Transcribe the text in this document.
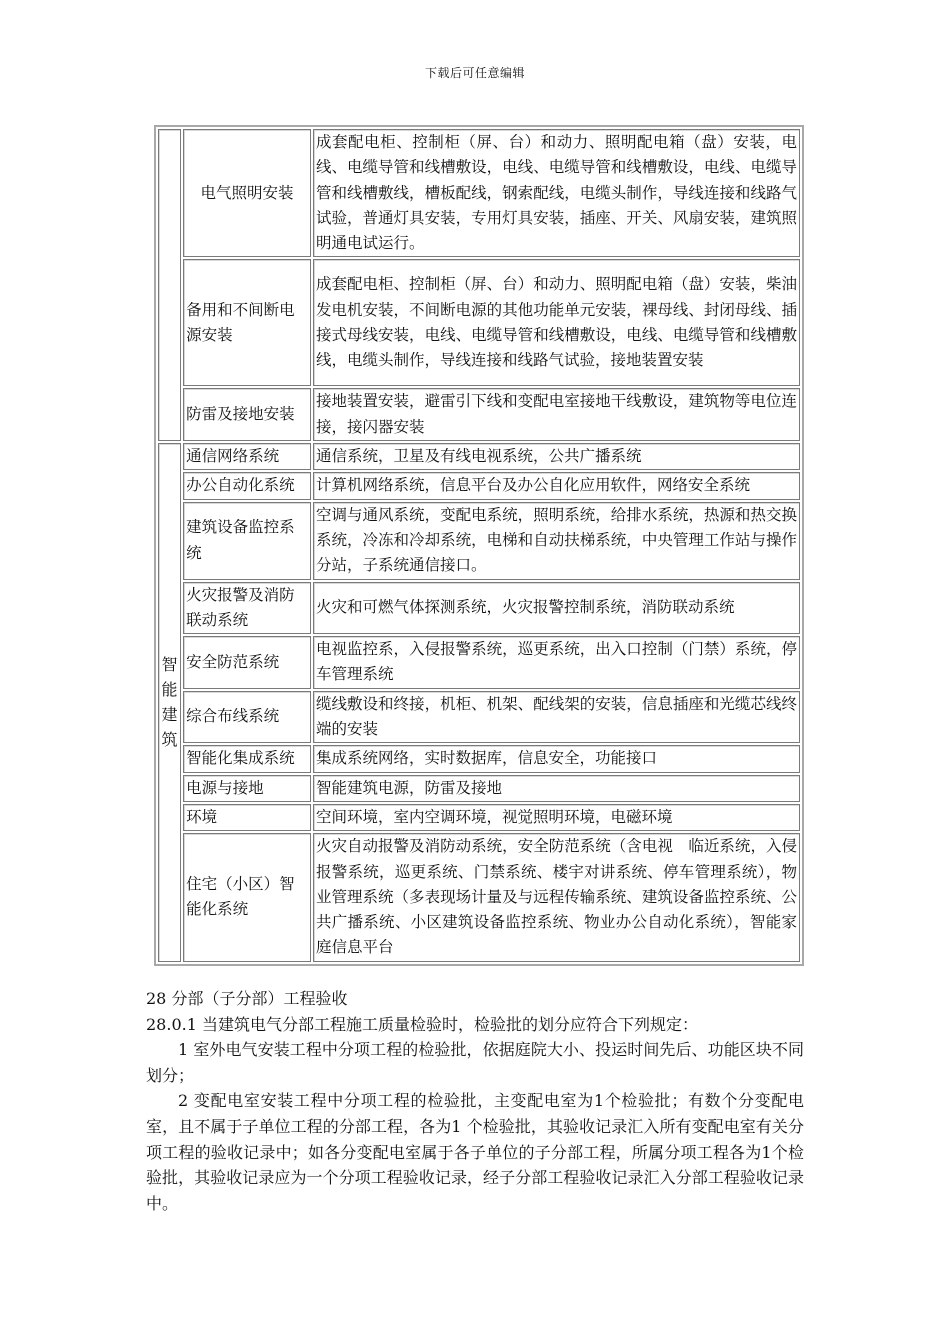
下载后可任意编辑
	电气照明安装	成套配电柜、控制柜（屏、台）和动力、照明配电箱（盘）安装，电线、电缆导管和线槽敷设，电线、电缆导管和线槽敷设，电线、电缆导管和线槽敷线，槽板配线，钢索配线，电缆头制作，导线连接和线路气试验，普通灯具安装，专用灯具安装，插座、开关、风扇安装，建筑照明通电试运行。
	备用和不间断电源安装	成套配电柜、控制柜（屏、台）和动力、照明配电箱（盘）安装，柴油发电机安装，不间断电源的其他功能单元安装，裸母线、封闭母线、插接式母线安装，电线、电缆导管和线槽敷设，电线、电缆导管和线槽敷线，电缆头制作，导线连接和线路气试验，接地装置安装
	防雷及接地安装	接地装置安装，避雷引下线和变配电室接地干线敷设，建筑物等电位连接，接闪器安装
智能建筑	通信网络系统	通信系统，卫星及有线电视系统，公共广播系统
	办公自动化系统	计算机网络系统，信息平台及办公自化应用软件，网络安全系统
	建筑设备监控系统	空调与通风系统，变配电系统，照明系统，给排水系统，热源和热交换系统，冷冻和冷却系统，电梯和自动扶梯系统，中央管理工作站与操作分站，子系统通信接口。
	火灾报警及消防联动系统	火灾和可燃气体探测系统，火灾报警控制系统，消防联动系统
	安全防范系统	电视监控系，入侵报警系统，巡更系统，出入口控制（门禁）系统，停车管理系统
	综合布线系统	缆线敷设和终接，机柜、机架、配线架的安装，信息插座和光缆芯线终端的安装
	智能化集成系统	集成系统网络，实时数据库，信息安全，功能接口
	电源与接地	智能建筑电源，防雷及接地
	环境	空间环境，室内空调环境，视觉照明环境，电磁环境
	住宅（小区）智能化系统	火灾自动报警及消防动系统，安全防范系统（含电视　临近系统，入侵报警系统，巡更系统、门禁系统、楼宇对讲系统、停车管理系统），物业管理系统（多表现场计量及与远程传输系统、建筑设备监控系统、公共广播系统、小区建筑设备监控系统、物业办公自动化系统），智能家庭信息平台

28 分部（子分部）工程验收

28.0.1 当建筑电气分部工程施工质量检验时，检验批的划分应符合下列规定：

1 室外电气安装工程中分项工程的检验批，依据庭院大小、投运时间先后、功能区块不同划分；

2 变配电室安装工程中分项工程的检验批，主变配电室为1个检验批；有数个分变配电室，且不属于子单位工程的分部工程，各为1 个检验批，其验收记录汇入所有变配电室有关分项工程的验收记录中；如各分变配电室属于各子单位的子分部工程，所属分项工程各为1个检验批，其验收记录应为一个分项工程验收记录，经子分部工程验收记录汇入分部工程验收记录中。
